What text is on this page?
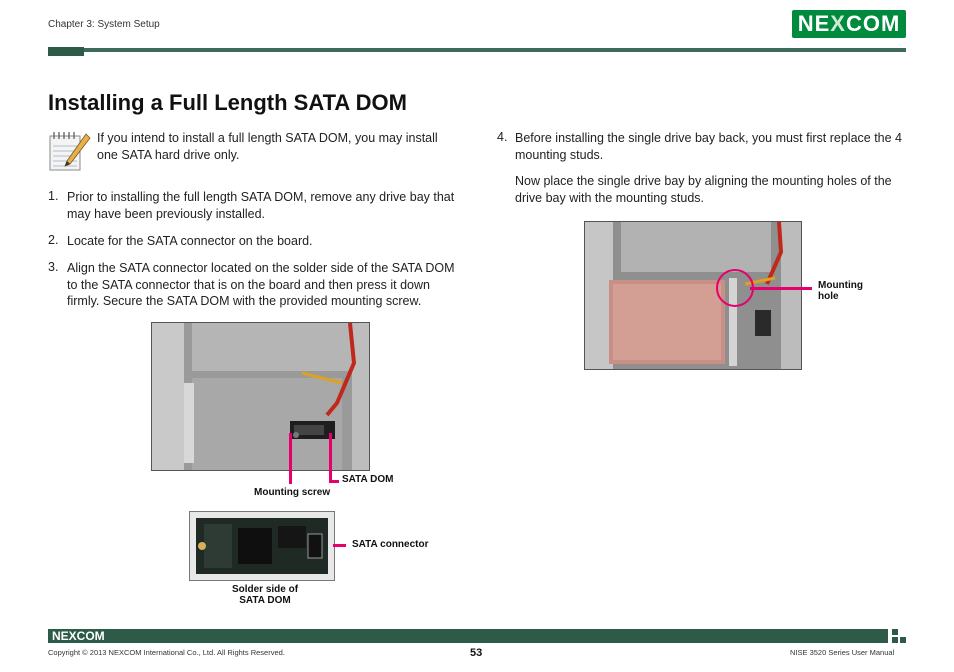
Chapter 3: System Setup	NEXCOM
Installing a Full Length SATA DOM
If you intend to install a full length SATA DOM, you may install one SATA hard drive only.
1. Prior to installing the full length SATA DOM, remove any drive bay that may have been previously installed.
2. Locate for the SATA connector on the board.
3. Align the SATA connector located on the solder side of the SATA DOM to the SATA connector that is on the board and then press it down firmly. Secure the SATA DOM with the provided mounting screw.
SATA DOM
Mounting screw
SATA connector
Solder side of
SATA DOM
4. Before installing the single drive bay back, you must first replace the 4 mounting studs.
Now place the single drive bay by aligning the mounting holes of the drive bay with the mounting studs.
Mounting
hole
NEXCOM
Copyright © 2013 NEXCOM International Co., Ltd. All Rights Reserved.	53	NISE 3520 Series User Manual
